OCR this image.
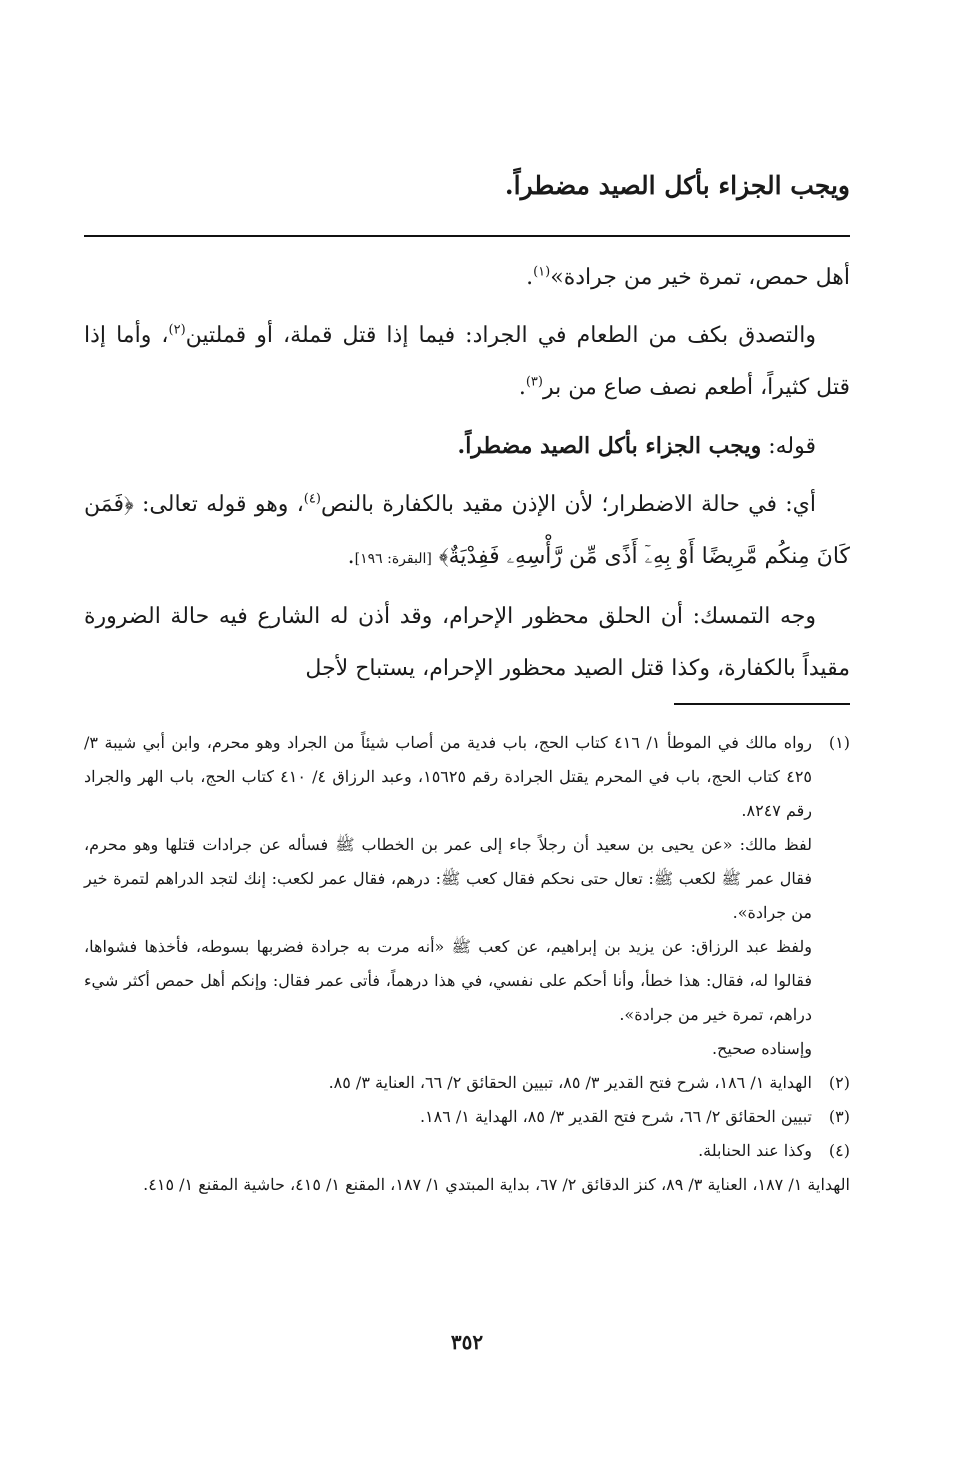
ويجب الجزاء بأكل الصيد مضطراً.

أهل حمص، تمرة خير من جرادة»$^{(١)}$.

والتصدق بكف من الطعام في الجراد: فيما إذا قتل قملة، أو قملتين$^{(٢)}$، وأما إذا قتل كثيراً، أطعم نصف صاع من بر$^{(٣)}$.

قوله: ويجب الجزاء بأكل الصيد مضطراً.

أي: في حالة الاضطرار؛ لأن الإذن مقيد بالكفارة بالنص$^{(٤)}$، وهو قوله تعالى: ﴿فَمَن كَانَ مِنكُم مَّرِيضًا أَوْ بِهِۦٓ أَذًى مِّن رَّأْسِهِۦ فَفِدْيَةٌ﴾ [البقرة: ١٩٦].

وجه التمسك: أن الحلق محظور الإحرام، وقد أذن له الشارع فيه حالة الضرورة مقيداً بالكفارة، وكذا قتل الصيد محظور الإحرام، يستباح لأجل

(١)

رواه مالك في الموطأ ١/ ٤١٦ كتاب الحج، باب فدية من أصاب شيئاً من الجراد وهو محرم، وابن أبي شيبة ٣/ ٤٢٥ كتاب الحج، باب في المحرم يقتل الجرادة رقم ١٥٦٢٥، وعبد الرزاق ٤/ ٤١٠ كتاب الحج، باب الهر والجراد رقم ٨٢٤٧.

لفظ مالك: «عن يحيى بن سعيد أن رجلاً جاء إلى عمر بن الخطاب ﷺ فسأله عن جرادات قتلها وهو محرم، فقال عمر ﷺ لكعب ﷺ: تعال حتى نحكم فقال كعب ﷺ: درهم، فقال عمر لكعب: إنك لتجد الدراهم لتمرة خير من جرادة».

ولفظ عبد الرزاق: عن يزيد بن إبراهيم، عن كعب ﷺ «أنه مرت به جرادة فضربها بسوطه، فأخذها فشواها، فقالوا له، فقال: هذا خطأ، وأنا أحكم على نفسي، في هذا درهماً، فأتى عمر فقال: وإنكم أهل حمص أكثر شيء دراهم، تمرة خير من جرادة».

وإسناده صحيح.

(٢)

الهداية ١/ ١٨٦، شرح فتح القدير ٣/ ٨٥، تبيين الحقائق ٢/ ٦٦، العناية ٣/ ٨٥.

(٣)

تبيين الحقائق ٢/ ٦٦، شرح فتح القدير ٣/ ٨٥، الهداية ١/ ١٨٦.

(٤)

وكذا عند الحنابلة.

الهداية ١/ ١٨٧، العناية ٣/ ٨٩، كنز الدقائق ٢/ ٦٧، بداية المبتدي ١/ ١٨٧، المقنع ١/ ٤١٥، حاشية المقنع ١/ ٤١٥.

٣٥٢
